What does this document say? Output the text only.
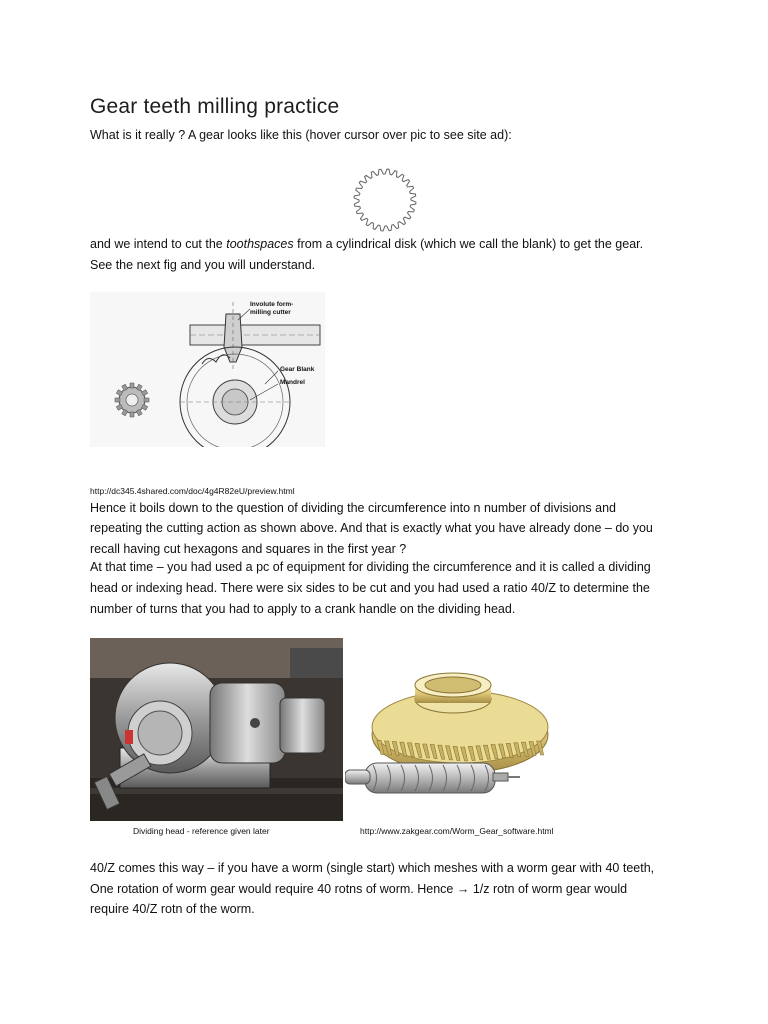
Gear teeth milling practice
What is it really ? A gear looks like this (hover cursor over pic to see site ad):
and we intend to cut the toothspaces from a cylindrical disk (which we call the blank) to get the gear.
See the next fig and you will understand.
Involute form-milling cutter
Gear Blank
Mandrel
http://dc345.4shared.com/doc/4g4R82eU/preview.html
Hence it boils down to the question of dividing the circumference into n number of divisions and
repeating the cutting action as shown above. And that is exactly what you have already done – do you
recall having cut hexagons and squares in the first year ?
At that time – you had used a pc of equipment for dividing the circumference and it is called a dividing
head or indexing head. There were six sides to be cut and you had used a ratio 40/Z to determine the
number of turns that you had to apply to a crank handle on the dividing head.
Dividing head - reference given later	http://www.zakgear.com/Worm_Gear_software.html
40/Z comes this way – if you have a worm (single start) which meshes with a worm gear with 40 teeth,
One rotation of worm gear would require 40 rotns of worm. Hence → 1/z rotn of worm gear would
require 40/Z rotn of the worm.
